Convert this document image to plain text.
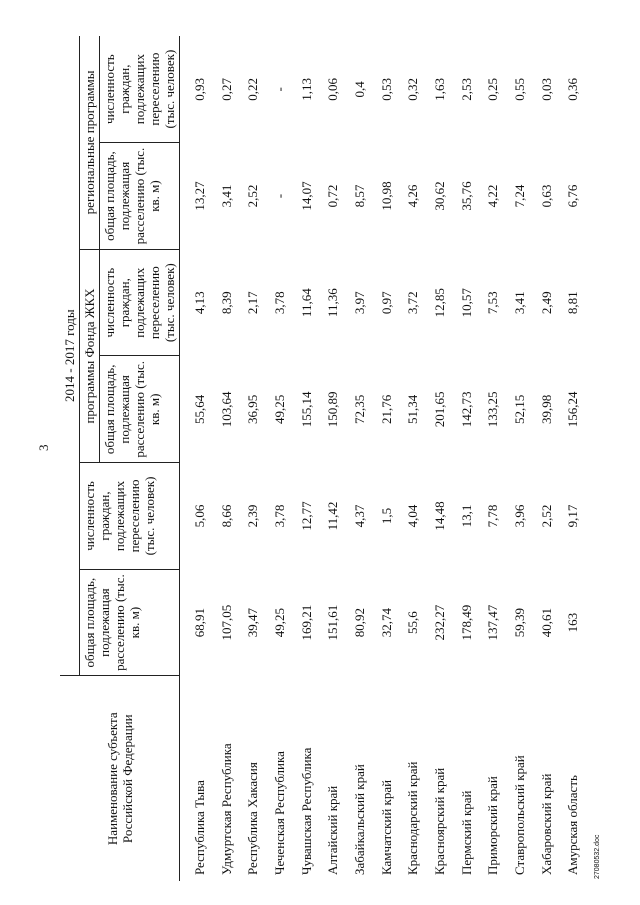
3
Наименование субъекта Российской Федерации	2014 - 2017 годы					
	общая площадь, подлежащая расселению (тыс. кв. м)	численность граждан, подлежащих переселению (тыс. человек)	программы Фонда ЖКХ		региональные программы	
			общая площадь, подлежащая расселению (тыс. кв. м)	численность граждан, подлежащих переселению (тыс. человек)	общая площадь, подлежащая расселению (тыс. кв. м)	численность граждан, подлежащих переселению (тыс. человек)
Республика Тыва	68,91	5,06	55,64	4,13	13,27	0,93
Удмуртская Республика	107,05	8,66	103,64	8,39	3,41	0,27
Республика Хакасия	39,47	2,39	36,95	2,17	2,52	0,22
Чеченская Республика	49,25	3,78	49,25	3,78	-	-
Чувашская Республика	169,21	12,77	155,14	11,64	14,07	1,13
Алтайский край	151,61	11,42	150,89	11,36	0,72	0,06
Забайкальский край	80,92	4,37	72,35	3,97	8,57	0,4
Камчатский край	32,74	1,5	21,76	0,97	10,98	0,53
Краснодарский край	55,6	4,04	51,34	3,72	4,26	0,32
Красноярский край	232,27	14,48	201,65	12,85	30,62	1,63
Пермский край	178,49	13,1	142,73	10,57	35,76	2,53
Приморский край	137,47	7,78	133,25	7,53	4,22	0,25
Ставропольский край	59,39	3,96	52,15	3,41	7,24	0,55
Хабаровский край	40,61	2,52	39,98	2,49	0,63	0,03
Амурская область	163	9,17	156,24	8,81	6,76	0,36
27080532.doc
